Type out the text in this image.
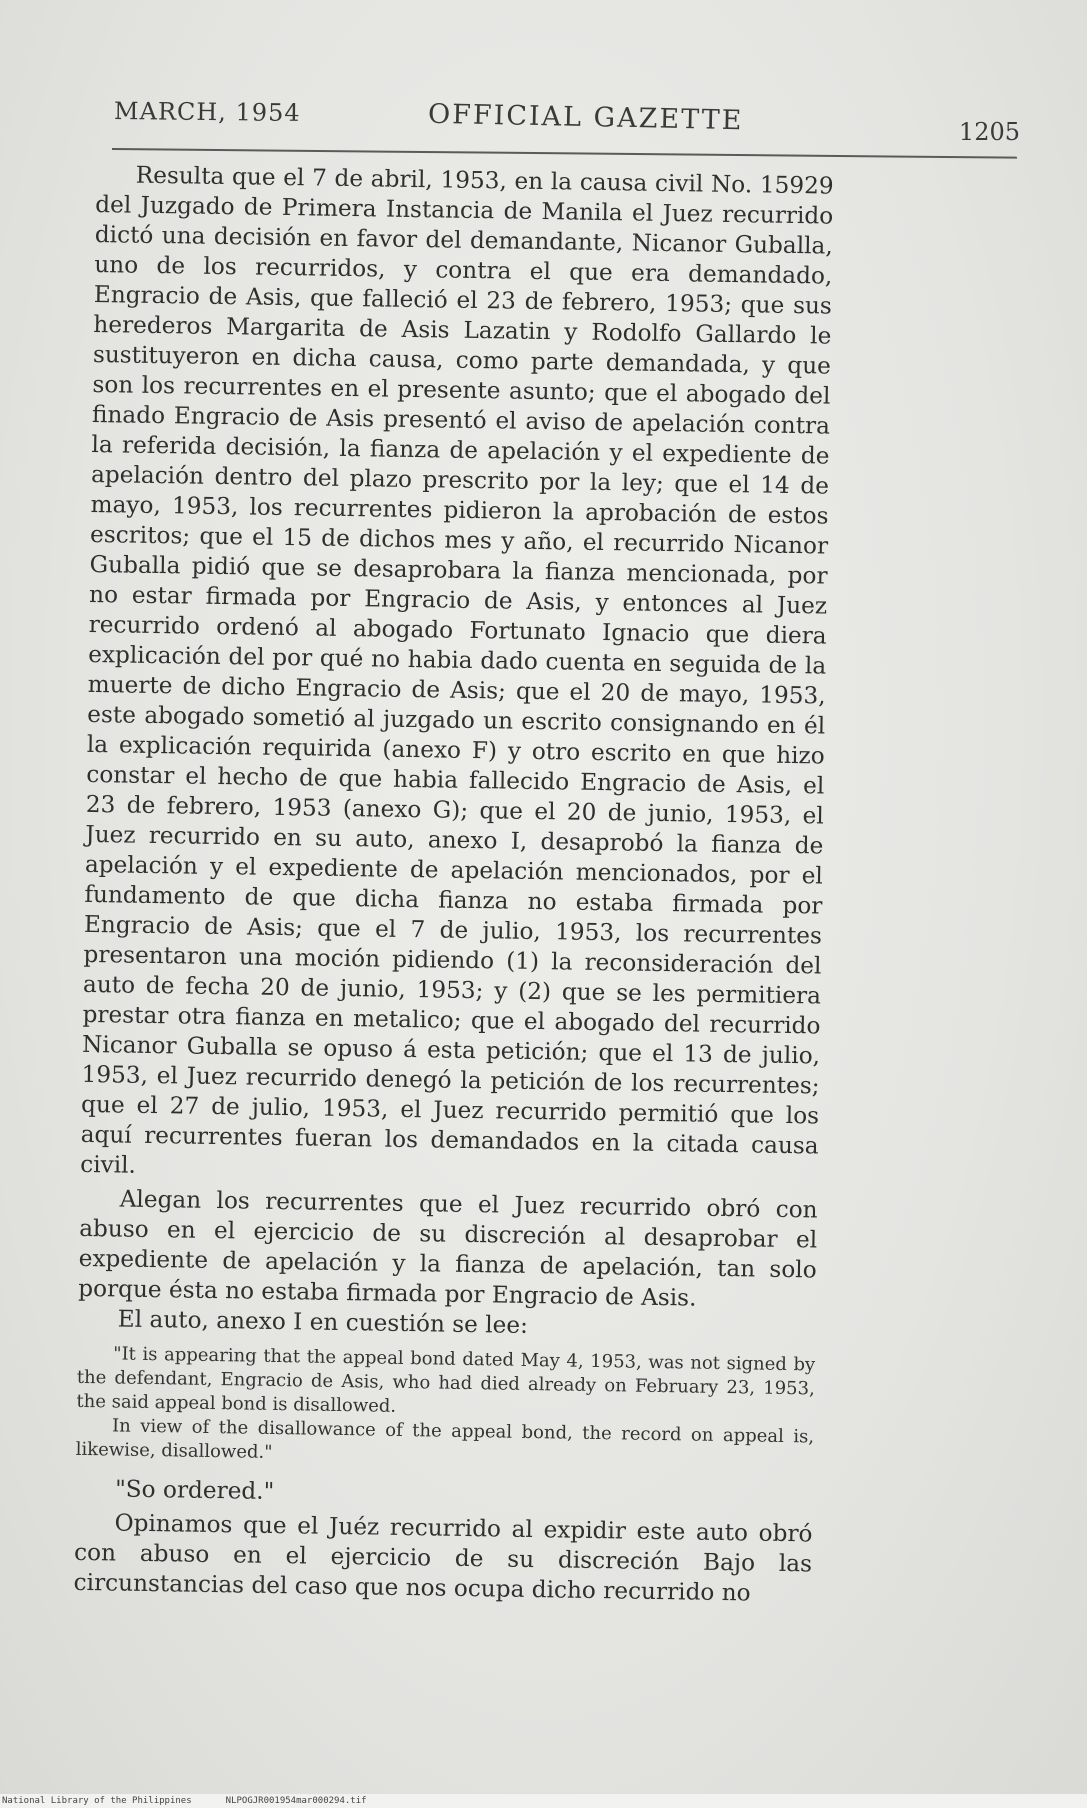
MARCH, 1954	OFFICIAL GAZETTE	1205

Resulta que el 7 de abril, 1953, en la causa civil No. 15929 del Juzgado de Primera Instancia de Manila el Juez recurrido dictó una decisión en favor del demandante, Nicanor Guballa, uno de los recurridos, y contra el que era demandado, Engracio de Asis, que falleció el 23 de febrero, 1953; que sus herederos Margarita de Asis Lazatin y Rodolfo Gallardo le sustituyeron en dicha causa, como parte demandada, y que son los recurrentes en el presente asunto; que el abogado del finado Engracio de Asis presentó el aviso de apelación contra la referida decisión, la fianza de apelación y el expediente de apelación dentro del plazo prescrito por la ley; que el 14 de mayo, 1953, los recurrentes pidieron la aprobación de estos escritos; que el 15 de dichos mes y año, el recurrido Nicanor Guballa pidió que se desaprobara la fianza mencionada, por no estar firmada por Engracio de Asis, y entonces al Juez recurrido ordenó al abogado Fortunato Ignacio que diera explicación del por qué no habia dado cuenta en seguida de la muerte de dicho Engracio de Asis; que el 20 de mayo, 1953, este abogado sometió al juzgado un escrito consignando en él la explicación requirida (anexo F) y otro escrito en que hizo constar el hecho de que habia fallecido Engracio de Asis, el 23 de febrero, 1953 (anexo G); que el 20 de junio, 1953, el Juez recurrido en su auto, anexo I, desaprobó la fianza de apelación y el expediente de apelación mencionados, por el fundamento de que dicha fianza no estaba firmada por Engracio de Asis; que el 7 de julio, 1953, los recurrentes presentaron una moción pidiendo (1) la reconsideración del auto de fecha 20 de junio, 1953; y (2) que se les permitiera prestar otra fianza en metalico; que el abogado del recurrido Nicanor Guballa se opuso á esta petición; que el 13 de julio, 1953, el Juez recurrido denegó la petición de los recurrentes; que el 27 de julio, 1953, el Juez recurrido permitió que los aquí recurrentes fueran los demandados en la citada causa civil.

Alegan los recurrentes que el Juez recurrido obró con abuso en el ejercicio de su discreción al desaprobar el expediente de apelación y la fianza de apelación, tan solo porque ésta no estaba firmada por Engracio de Asis.

El auto, anexo I en cuestión se lee:

"It is appearing that the appeal bond dated May 4, 1953, was not signed by the defendant, Engracio de Asis, who had died already on February 23, 1953, the said appeal bond is disallowed.

In view of the disallowance of the appeal bond, the record on appeal is, likewise, disallowed."

"So ordered."

Opinamos que el Juéz recurrido al expidir este auto obró con abuso en el ejercicio de su discreción Bajo las circunstancias del caso que nos ocupa dicho recurrido no

National Library of the Philippines	NLPOGJR001954mar000294.tif
